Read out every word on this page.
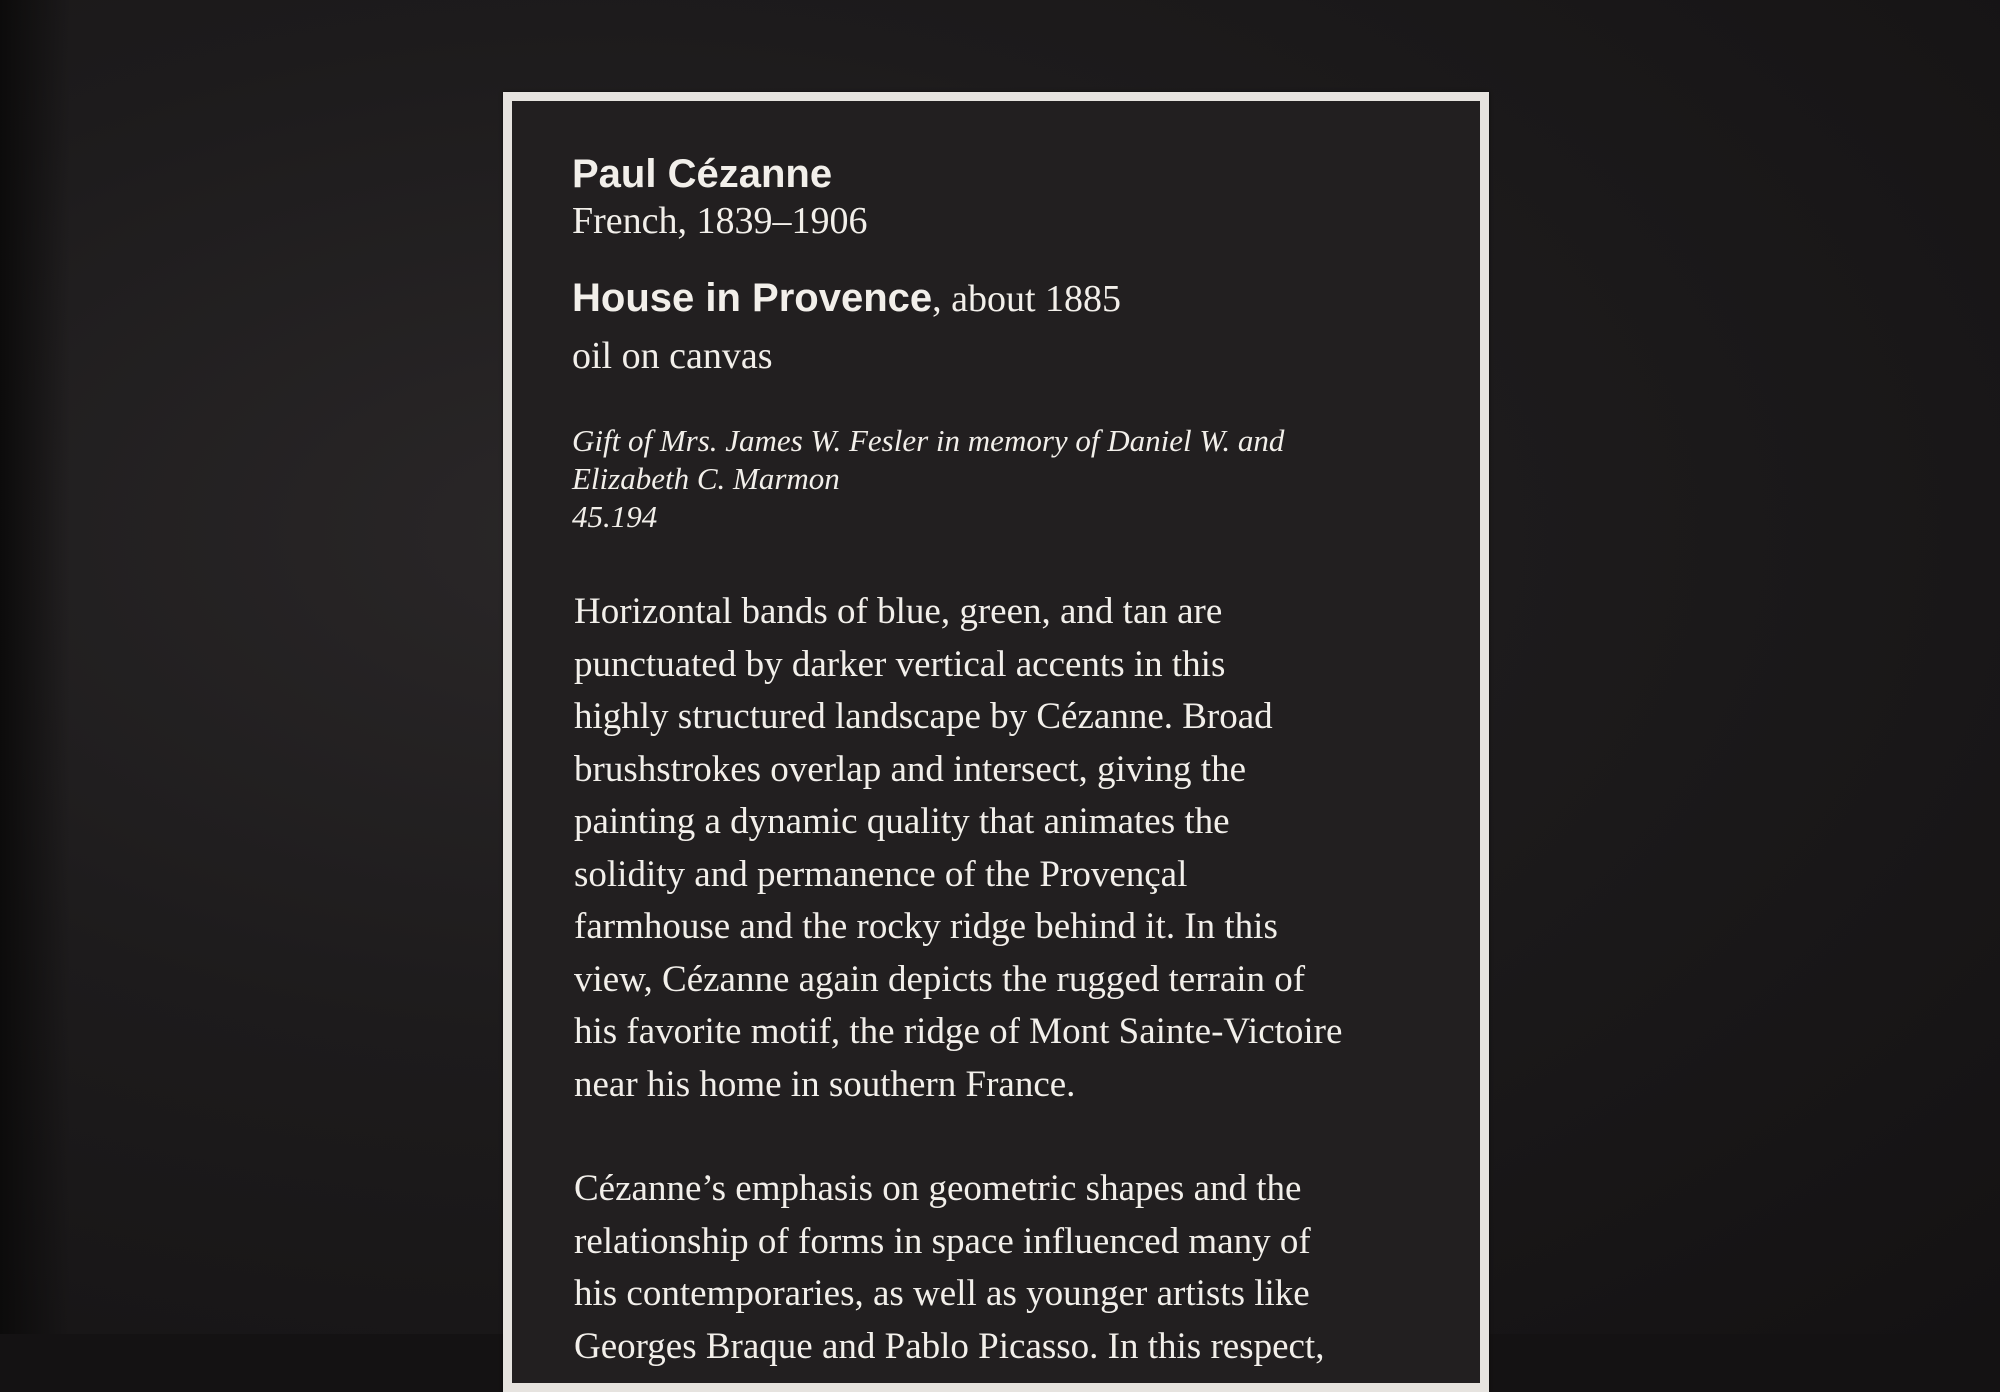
Paul Cézanne
French, 1839–1906
House in Provence, about 1885
oil on canvas
Gift of Mrs. James W. Fesler in memory of Daniel W. and Elizabeth C. Marmon
45.194
Horizontal bands of blue, green, and tan are
punctuated by darker vertical accents in this
highly structured landscape by Cézanne. Broad
brushstrokes overlap and intersect, giving the
painting a dynamic quality that animates the
solidity and permanence of the Provençal
farmhouse and the rocky ridge behind it. In this
view, Cézanne again depicts the rugged terrain of
his favorite motif, the ridge of Mont Sainte-Victoire
near his home in southern France.
Cézanne’s emphasis on geometric shapes and the
relationship of forms in space influenced many of
his contemporaries, as well as younger artists like
Georges Braque and Pablo Picasso. In this respect,
